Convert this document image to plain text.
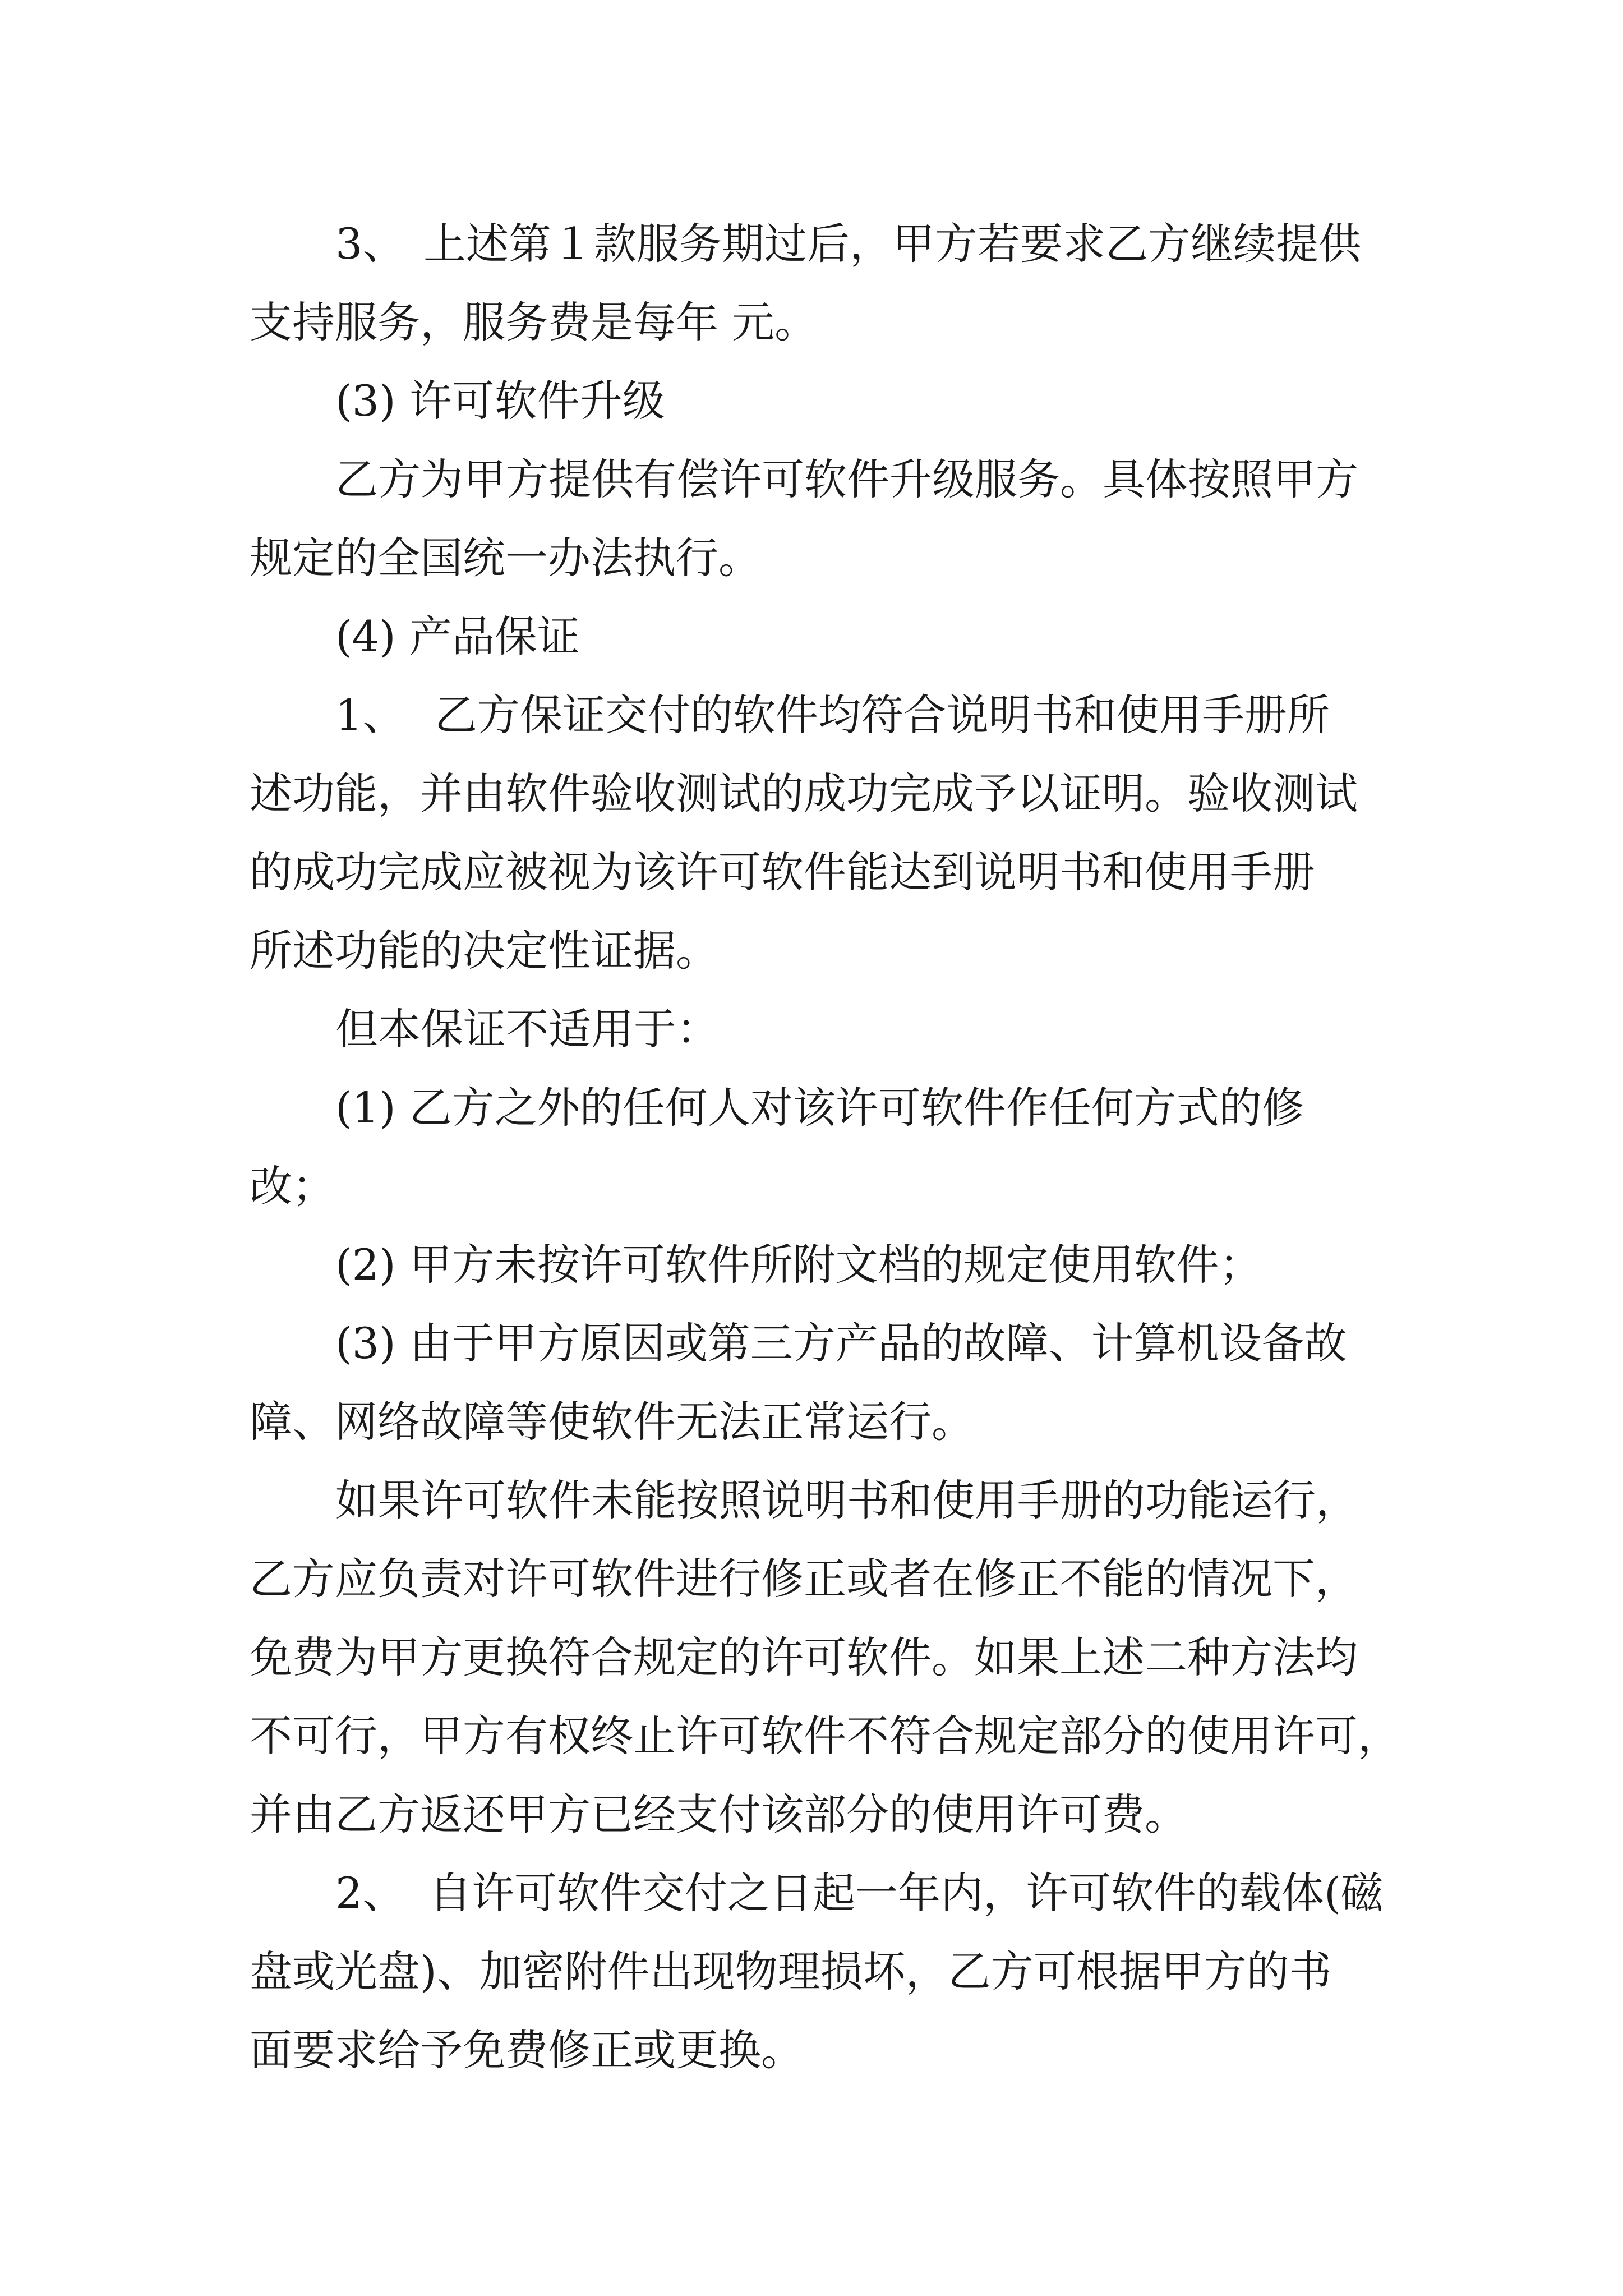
3、 上述第１款服务期过后，甲方若要求乙方继续提供
支持服务，服务费是每年 元。
(3) 许可软件升级
乙方为甲方提供有偿许可软件升级服务。具体按照甲方
规定的全国统一办法执行。
(4) 产品保证
1、 乙方保证交付的软件均符合说明书和使用手册所
述功能，并由软件验收测试的成功完成予以证明。验收测试
的成功完成应被视为该许可软件能达到说明书和使用手册
所述功能的决定性证据。
但本保证不适用于：
(1) 乙方之外的任何人对该许可软件作任何方式的修
改；
(2) 甲方未按许可软件所附文档的规定使用软件；
(3) 由于甲方原因或第三方产品的故障、计算机设备故
障、网络故障等使软件无法正常运行。
如果许可软件未能按照说明书和使用手册的功能运行，
乙方应负责对许可软件进行修正或者在修正不能的情况下，
免费为甲方更换符合规定的许可软件。如果上述二种方法均
不可行，甲方有权终止许可软件不符合规定部分的使用许可，
并由乙方返还甲方已经支付该部分的使用许可费。
2、 自许可软件交付之日起一年内，许可软件的载体(磁
盘或光盘)、加密附件出现物理损坏，乙方可根据甲方的书
面要求给予免费修正或更换。
